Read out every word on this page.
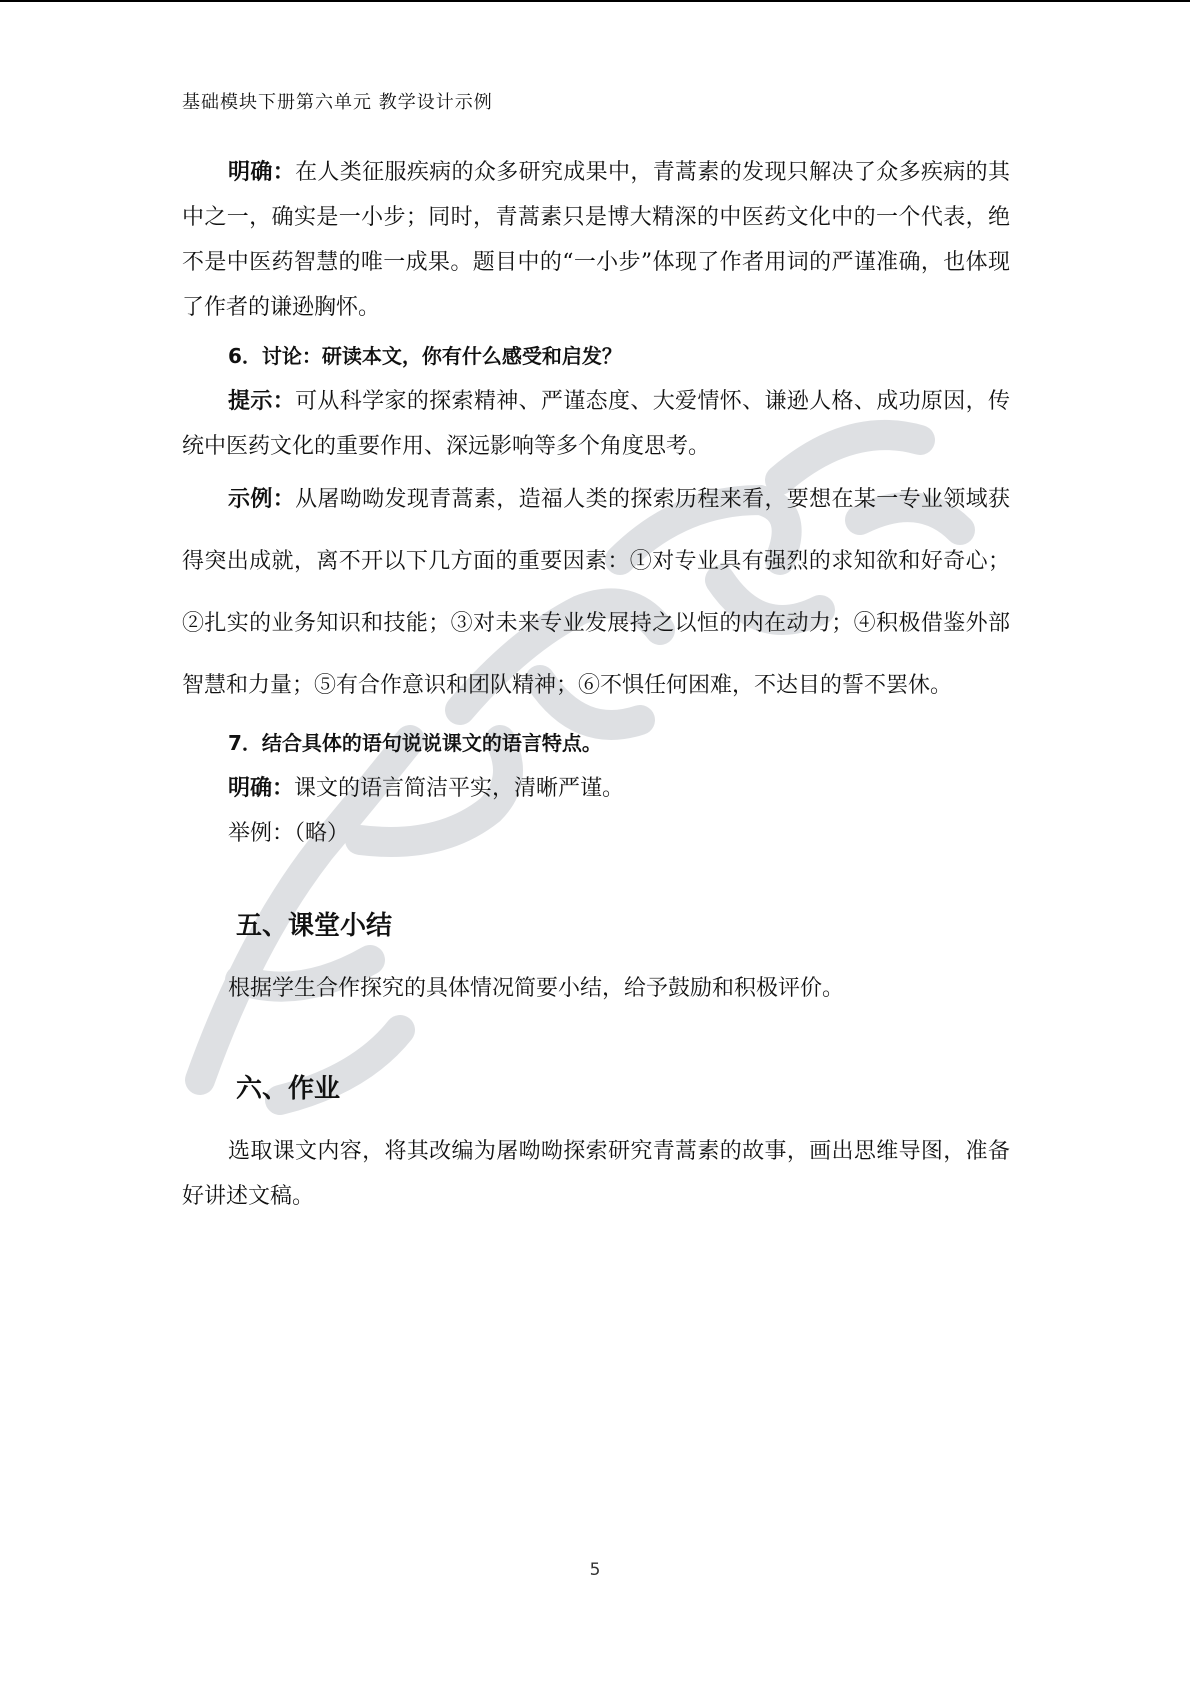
基础模块下册第六单元 教学设计示例

明确：在人类征服疾病的众多研究成果中，青蒿素的发现只解决了众多疾病的其中之一，确实是一小步；同时，青蒿素只是博大精深的中医药文化中的一个代表，绝不是中医药智慧的唯一成果。题目中的“一小步”体现了作者用词的严谨准确，也体现了作者的谦逊胸怀。

6．讨论：研读本文，你有什么感受和启发？

提示：可从科学家的探索精神、严谨态度、大爱情怀、谦逊人格、成功原因，传统中医药文化的重要作用、深远影响等多个角度思考。

示例：从屠呦呦发现青蒿素，造福人类的探索历程来看，要想在某一专业领域获得突出成就，离不开以下几方面的重要因素：①对专业具有强烈的求知欲和好奇心；②扎实的业务知识和技能；③对未来专业发展持之以恒的内在动力；④积极借鉴外部智慧和力量；⑤有合作意识和团队精神；⑥不惧任何困难，不达目的誓不罢休。

7．结合具体的语句说说课文的语言特点。

明确：课文的语言简洁平实，清晰严谨。

举例：（略）

五、课堂小结

根据学生合作探究的具体情况简要小结，给予鼓励和积极评价。

六、作业

选取课文内容，将其改编为屠呦呦探索研究青蒿素的故事，画出思维导图，准备好讲述文稿。

5
